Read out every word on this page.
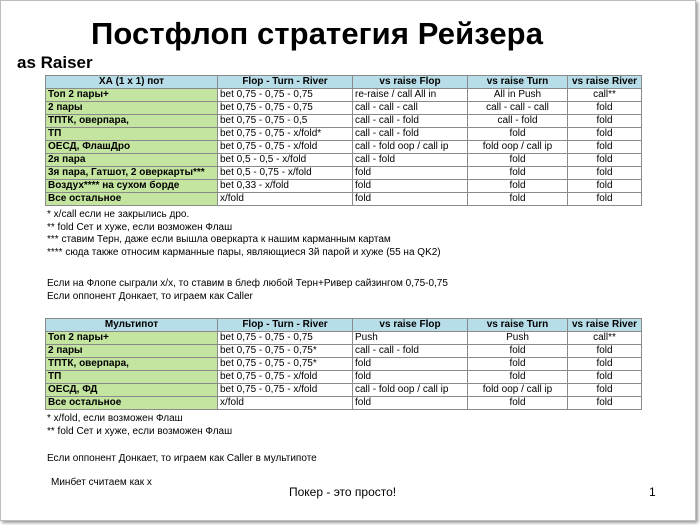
Постфлоп стратегия Рейзера
as Raiser
ХА (1 х 1) пот	Flop - Turn - River	vs raise Flop	vs raise Turn	vs raise River
Топ 2 пары+	bet 0,75 - 0,75 - 0,75	re-raise / call All in	All in Push	call**
2 пары	bet 0,75 - 0,75 - 0,75	call - call - call	call - call - call	fold
ТПТК, оверпара,	bet 0,75 - 0,75 - 0,5	call - call - fold	call - fold	fold
ТП	bet 0,75 - 0,75 - x/fold*	call - call - fold	fold	fold
ОЕСД, ФлашДро	bet 0,75 - 0,75 - x/fold	call - fold oop / call ip	fold oop / call ip	fold
2я пара	bet 0,5 - 0,5 - x/fold	call - fold	fold	fold
3я пара, Гатшот, 2 оверкарты***	bet 0,5 - 0,75 - x/fold	fold	fold	fold
Воздух**** на сухом борде	bet 0,33 - x/fold	fold	fold	fold
Все остальное	x/fold	fold	fold	fold
* x/call если не закрылись дро.
** fold Сет и хуже, если возможен Флаш
*** ставим Терн, даже если вышла оверкарта к нашим карманным картам
**** сюда также относим карманные пары, являющиеся 3й парой и хуже (55 на QK2)
Если на Флопе сыграли х/х, то ставим в блеф любой Терн+Ривер сайзингом 0,75-0,75
Если оппонент Донкает, то играем как Caller
Мультипот	Flop - Turn - River	vs raise Flop	vs raise Turn	vs raise River
Топ 2 пары+	bet 0,75 - 0,75 - 0,75	Push	Push	call**
2 пары	bet 0,75 - 0,75 - 0,75*	call - call - fold	fold	fold
ТПТК, оверпара,	bet 0,75 - 0,75 - 0,75*	fold	fold	fold
ТП	bet 0,75 - 0,75 - x/fold	fold	fold	fold
ОЕСД, ФД	bet 0,75 - 0,75 - x/fold	call - fold oop / call ip	fold oop / call ip	fold
Все остальное	x/fold	fold	fold	fold
* x/fold, если возможен Флаш
** fold Сет и хуже, если возможен Флаш
Если оппонент Донкает, то играем как Caller в мультипоте
Минбет считаем как х
Покер - это просто!	1
